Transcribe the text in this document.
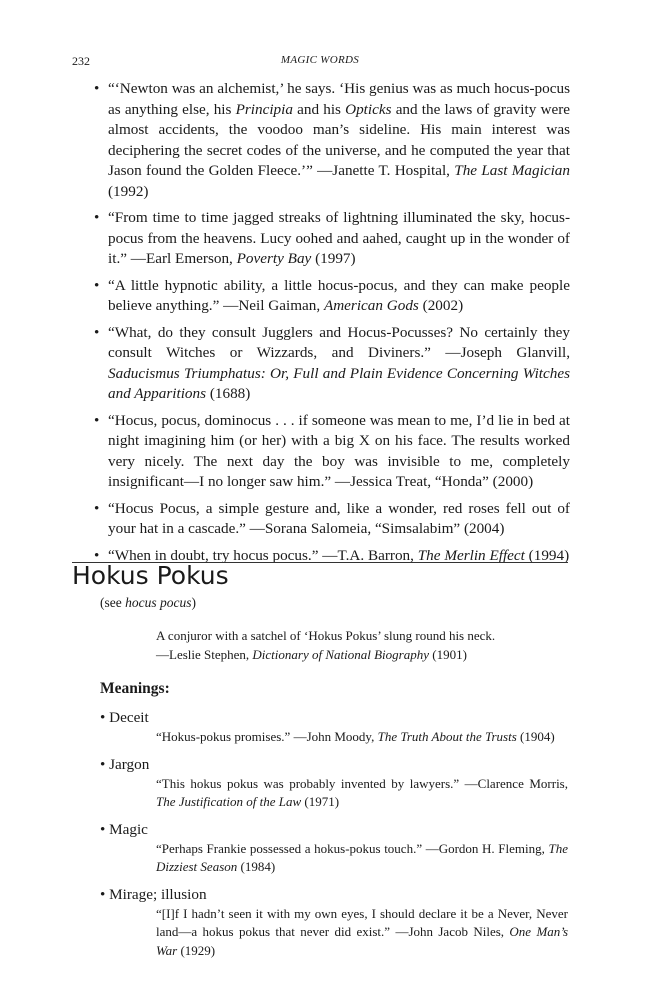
232	MAGIC WORDS
• “‘Newton was an alchemist,’ he says. ‘His genius was as much hocus-pocus as anything else, his Principia and his Opticks and the laws of gravity were almost accidents, the voodoo man’s sideline. His main interest was deciphering the secret codes of the universe, and he computed the year that Jason found the Golden Fleece.’” —Janette T. Hospital, The Last Magician (1992)
• “From time to time jagged streaks of lightning illuminated the sky, hocus-pocus from the heavens. Lucy oohed and aahed, caught up in the wonder of it.” —Earl Emerson, Poverty Bay (1997)
• “A little hypnotic ability, a little hocus-pocus, and they can make people believe anything.” —Neil Gaiman, American Gods (2002)
• “What, do they consult Jugglers and Hocus-Pocusses? No certainly they consult Witches or Wizzards, and Diviners.” —Joseph Glanvill, Saducismus Triumphatus: Or, Full and Plain Evidence Concerning Witches and Apparitions (1688)
• “Hocus, pocus, dominocus . . . if someone was mean to me, I’d lie in bed at night imagining him (or her) with a big X on his face. The results worked very nicely. The next day the boy was invisible to me, completely insignificant—I no longer saw him.” —Jessica Treat, “Honda” (2000)
• “Hocus Pocus, a simple gesture and, like a wonder, red roses fell out of your hat in a cascade.” —Sorana Salomeia, “Simsalabim” (2004)
• “When in doubt, try hocus pocus.” —T.A. Barron, The Merlin Effect (1994)
Hokus Pokus
(see hocus pocus)
A conjuror with a satchel of ‘Hokus Pokus’ slung round his neck.
—Leslie Stephen, Dictionary of National Biography (1901)
Meanings:
• Deceit
“Hokus-pokus promises.” —John Moody, The Truth About the Trusts (1904)
• Jargon
“This hokus pokus was probably invented by lawyers.” —Clarence Morris, The Justification of the Law (1971)
• Magic
“Perhaps Frankie possessed a hokus-pokus touch.” —Gordon H. Fleming, The Dizziest Season (1984)
• Mirage; illusion
“[I]f I hadn’t seen it with my own eyes, I should declare it be a Never, Never land—a hokus pokus that never did exist.” —John Jacob Niles, One Man’s War (1929)
